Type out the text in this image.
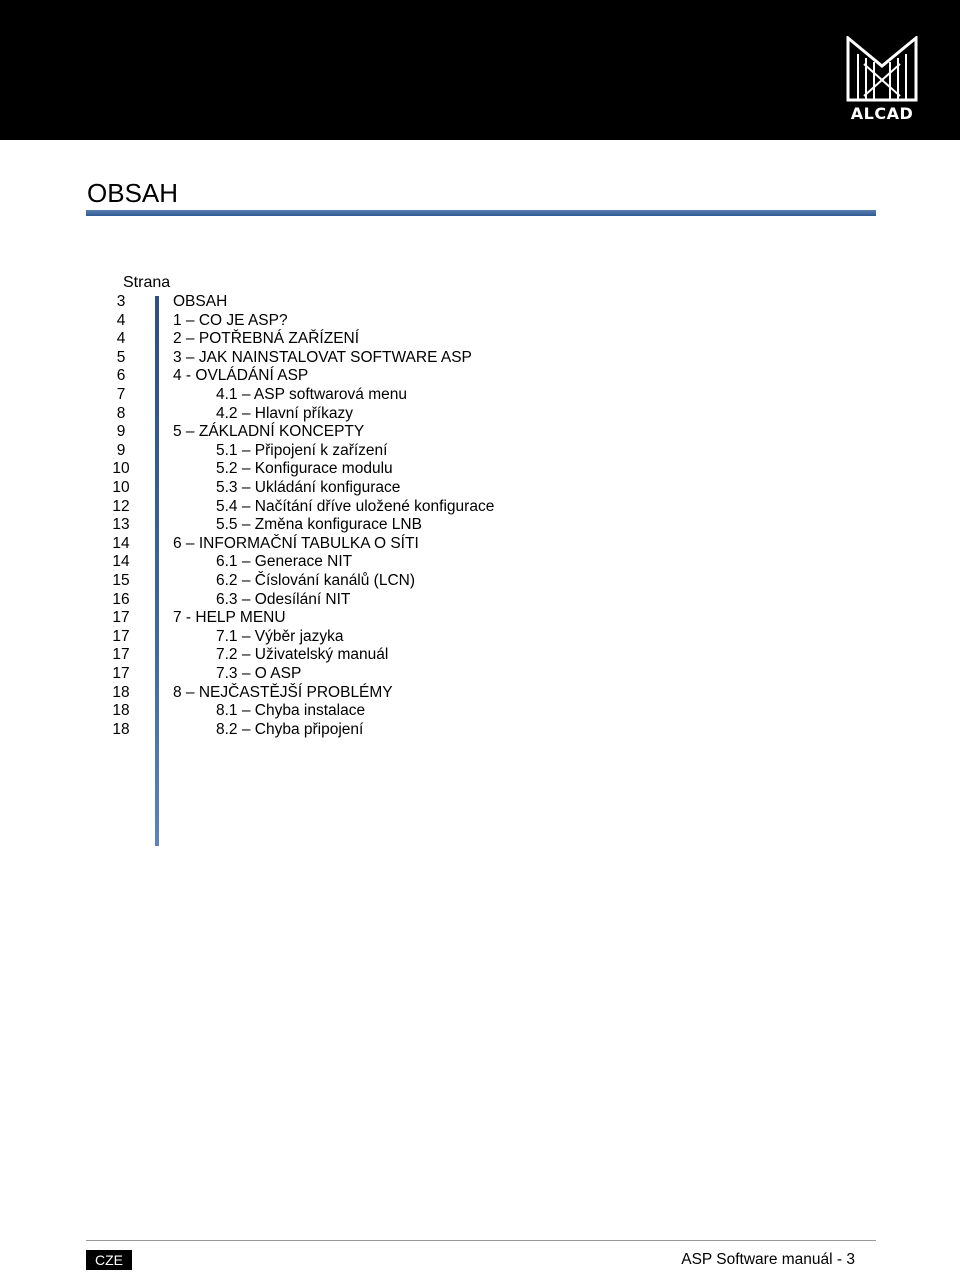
ALCAD
OBSAH
Strana
3	OBSAH
4	1 – CO JE ASP?
4	2 – POTŘEBNÁ ZAŘÍZENÍ
5	3 – JAK NAINSTALOVAT SOFTWARE ASP
6	4 - OVLÁDÁNÍ ASP
7	4.1 – ASP softwarová menu
8	4.2 – Hlavní příkazy
9	5 – ZÁKLADNÍ KONCEPTY
9	5.1 – Připojení k zařízení
10	5.2 – Konfigurace modulu
10	5.3 – Ukládání konfigurace
12	5.4 – Načítání dříve uložené konfigurace
13	5.5 – Změna konfigurace LNB
14	6 – INFORMAČNÍ TABULKA O SÍTI
14	6.1 – Generace NIT
15	6.2 – Číslování kanálů (LCN)
16	6.3 – Odesílání NIT
17	7 - HELP MENU
17	7.1 – Výběr jazyka
17	7.2 – Uživatelský manuál
17	7.3 – O ASP
18	8 – NEJČASTĚJŠÍ PROBLÉMY
18	8.1 – Chyba instalace
18	8.2 – Chyba připojení
CZE	ASP Software manuál - 3
